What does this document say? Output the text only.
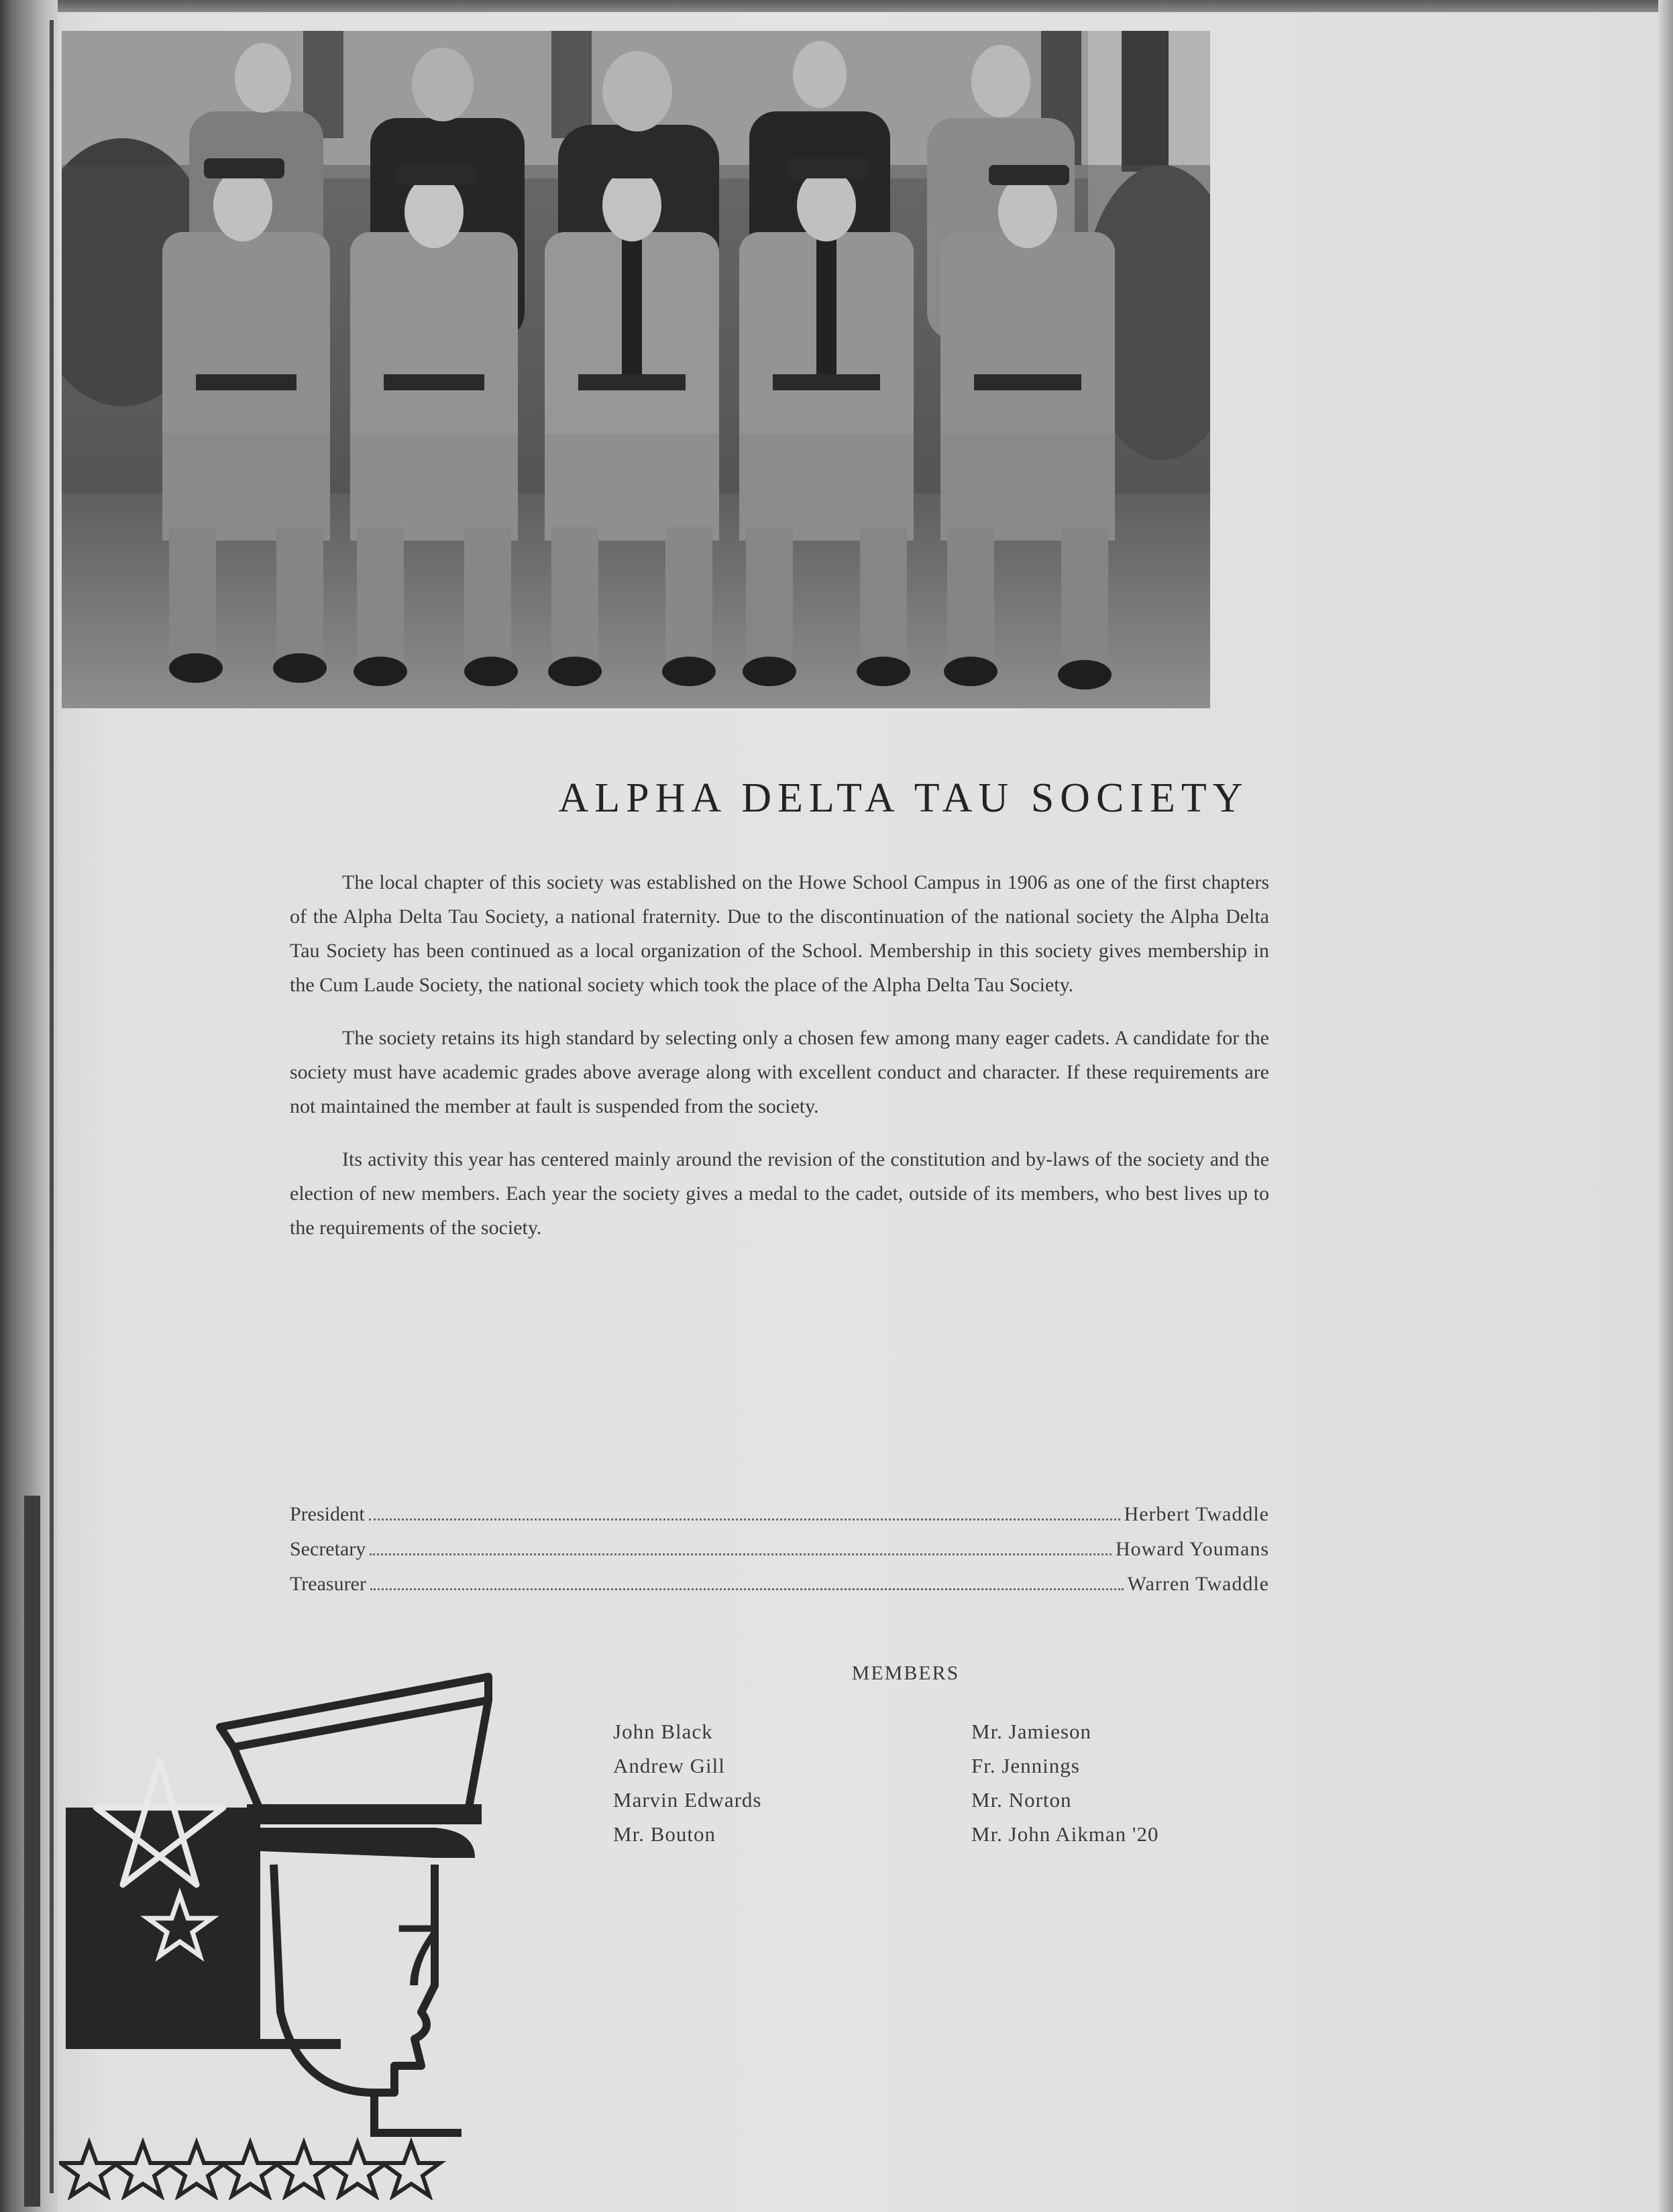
ALPHA DELTA TAU SOCIETY

The local chapter of this society was established on the Howe School Campus in 1906 as one of the first chapters of the Alpha Delta Tau Society, a national fraternity. Due to the discontinuation of the national society the Alpha Delta Tau Society has been continued as a local organization of the School. Membership in this society gives membership in the Cum Laude Society, the national society which took the place of the Alpha Delta Tau Society.

The society retains its high standard by selecting only a chosen few among many eager cadets. A candidate for the society must have academic grades above average along with excellent conduct and character. If these requirements are not maintained the member at fault is suspended from the society.

Its activity this year has centered mainly around the revision of the constitution and by-laws of the society and the election of new members. Each year the society gives a medal to the cadet, outside of its members, who best lives up to the requirements of the society.

President	Herbert Twaddle
Secretary	Howard Youmans
Treasurer	Warren Twaddle
MEMBERS
John Black
Andrew Gill
Marvin Edwards
Mr. Bouton
Mr. Jamieson
Fr. Jennings
Mr. Norton
Mr. John Aikman '20
7
